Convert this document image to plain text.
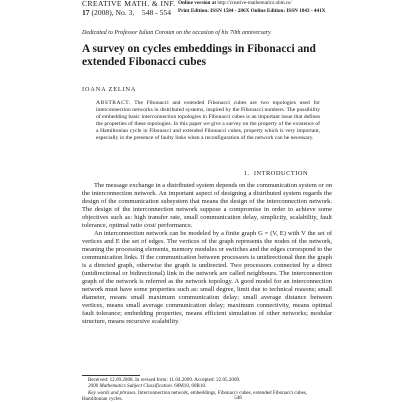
CREATIVE MATH. & INF.
17 (2008), No. 3, 548 - 554
Online version at http://creative-mathematics.ubm.ro/
Print Edition: ISSN 1584 - 286X Online Edition: ISSN 1843 - 441X
Dedicated to Professor Iulian Coroian on the occasion of his 70th anniversary
A survey on cycles embeddings in Fibonacci and extended Fibonacci cubes
IOANA ZELINA
ABSTRACT. The Fibonacci and extended Fibonacci cubes are two topologies used for interconnection networks in distributed systems, inspired by the Fibonacci numbers. The possibility of embedding basic interconnection topologies in Fibonacci cubes is an important issue that defines the properties of these topologies. In this paper we give a survey on the property of the existence of a Hamiltonian cycle in Fibonacci and extended Fibonacci cubes, property which is very important, especially in the presence of faulty links when a reconfiguration of the network can be necessary.
1. INTRODUCTION

The message exchange in a distributed system depends on the communication system or on the interconnection network. An important aspect of designing a distributed system regards the design of the communication subsystem that means the design of the interconnection network. The design of the interconnection network suppose a compromise in order to achieve some objectives such as: high transfer rate, small communication delay, simplicity, scalability, fault tolerance, optimal ratio cost/ performance.

An interconnection network can be modeled by a finite graph G = (V, E) with V the set of vertices and E the set of edges. The vertices of the graph represents the nodes of the network, meaning the processing elements, memory modules or switches and the edges correspond to the communication links. If the communication between processors is unidirectional then the graph is a directed graph, otherwise the graph is undirected. Two processors connected by a direct (unidirectional or bidirectional) link in the network are called neighbours. The interconnection graph of the network is referred as the network topology. A good model for an interconnection network must have some properties such as: small degree, limit due to technical reasons; small diameter, means small maximum communication delay; small average distance between vertices, means small average communication delay; maximum connectivity, means optimal fault tolerance; embedding properties, means efficient simulation of other networks; modular structure, means recursive scalability.

Received: 12.09.2008. In revised form: 11.04.2009. Accepted: 22.05.2009.

2000 Mathematics Subject Classification. 68M10, 68R10.

Key words and phrases. Interconnection network, embeddings, Fibonacci cubes, extended Fibonacci cubes, Hamiltonian cycles.	548
